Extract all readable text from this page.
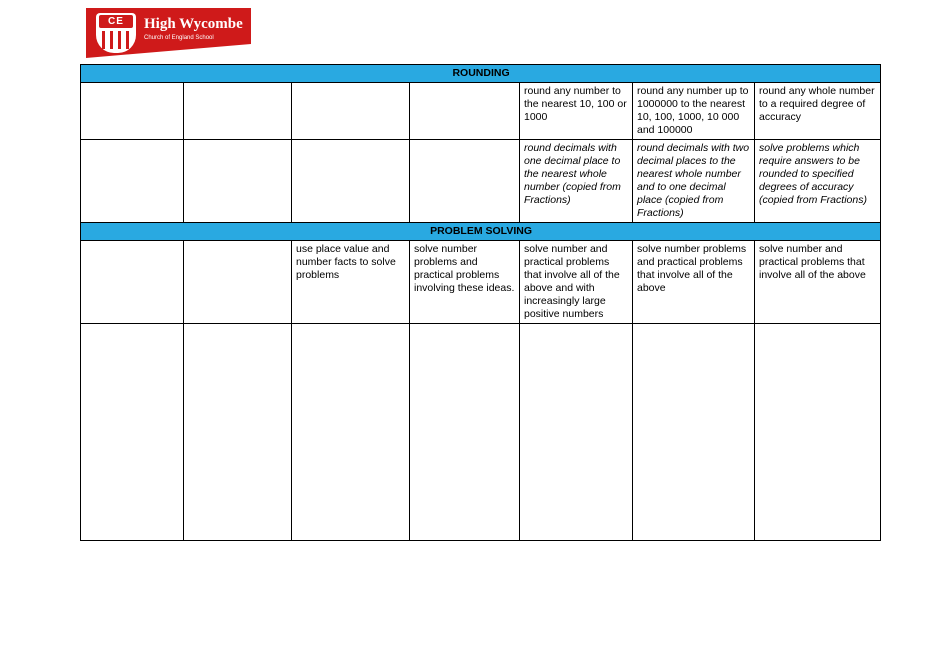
CE	High Wycombe
Church of England School
ROUNDING						
				round any number to the nearest 10, 100 or 1000	round any number up to 1000000 to the nearest 10, 100, 1000, 10 000 and 100000	round any whole number to a required degree of accuracy
				round decimals with one decimal place to the nearest whole number (copied from Fractions)	round decimals with two decimal places to the nearest whole number and to one decimal place (copied from Fractions)	solve problems which require answers to be rounded to specified degrees of accuracy (copied from Fractions)
PROBLEM SOLVING						
		use place value and number facts to solve problems	solve number problems and practical problems involving these ideas.	solve number and practical problems that involve all of the above and with increasingly large positive numbers	solve number problems and practical problems that involve all of the above	solve number and practical problems that involve all of the above
